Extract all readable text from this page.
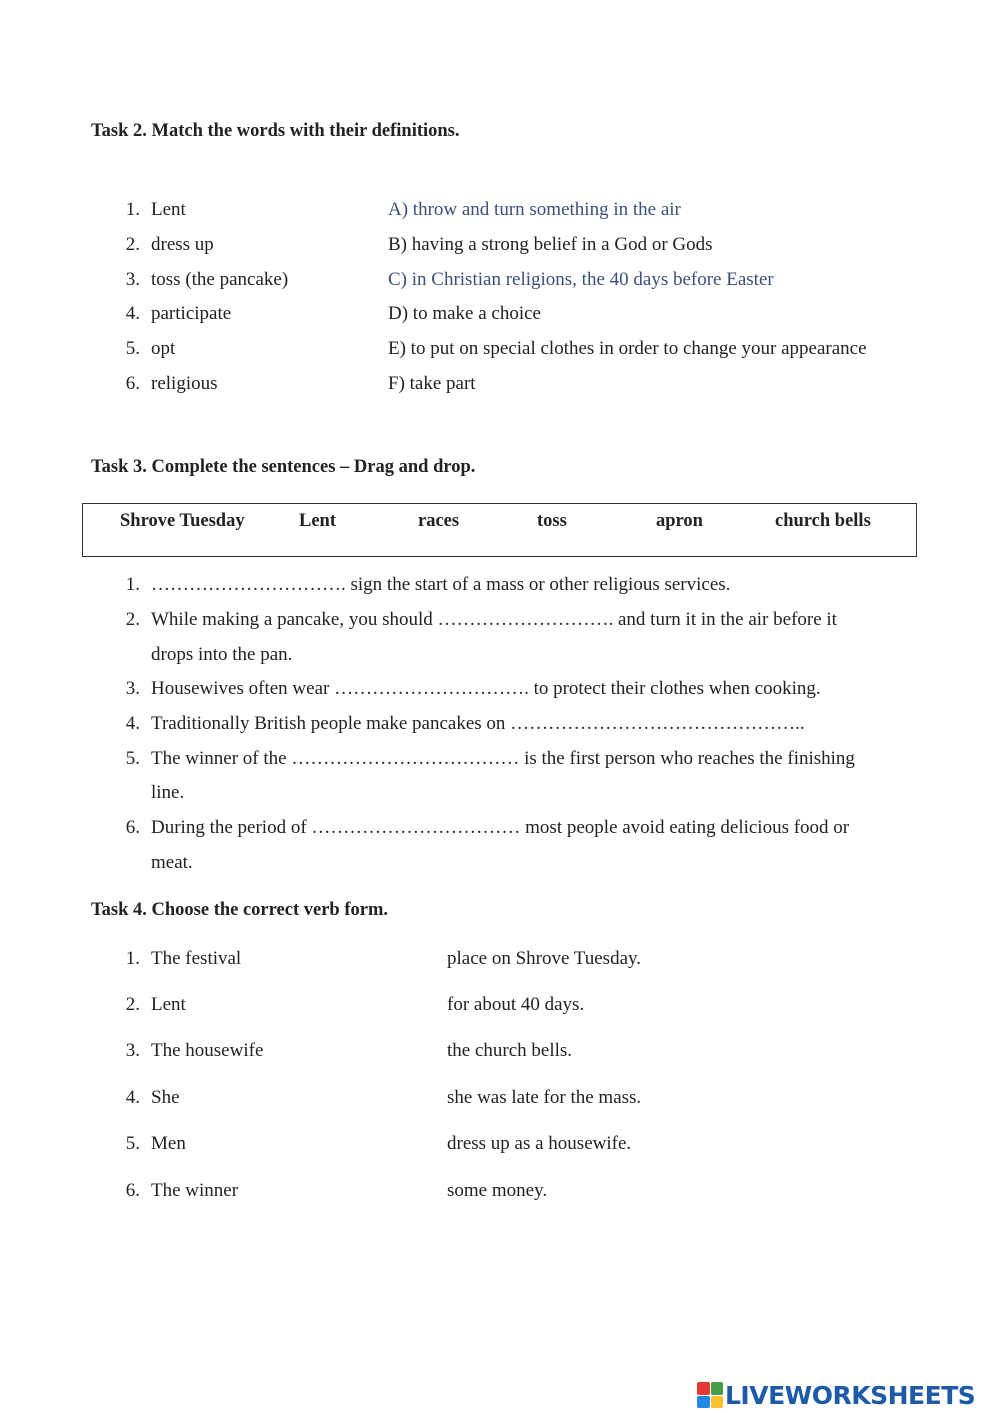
Task 2. Match the words with their definitions.
1. Lent	A) throw and turn something in the air
2. dress up	B) having a strong belief in a God or Gods
3. toss (the pancake)	C) in Christian religions, the 40 days before Easter
4. participate	D) to make a choice
5. opt	E) to put on special clothes in order to change your appearance
6. religious	F) take part
Task 3. Complete the sentences – Drag and drop.
Shrove Tuesday	Lent	races	toss	apron	church bells
1. …………………………. sign the start of a mass or other religious services.
2. While making a pancake, you should ………………………. and turn it in the air before it
drops into the pan.
3. Housewives often wear …………………………. to protect their clothes when cooking.
4. Traditionally British people make pancakes on ………………………………………..
5. The winner of the ……………………………… is the first person who reaches the finishing
line.
6. During the period of …………………………… most people avoid eating delicious food or
meat.
Task 4. Choose the correct verb form.
1. The festival	place on Shrove Tuesday.
2. Lent	for about 40 days.
3. The housewife	the church bells.
4. She	she was late for the mass.
5. Men	dress up as a housewife.
6. The winner	some money.
LIVEWORKSHEETS
